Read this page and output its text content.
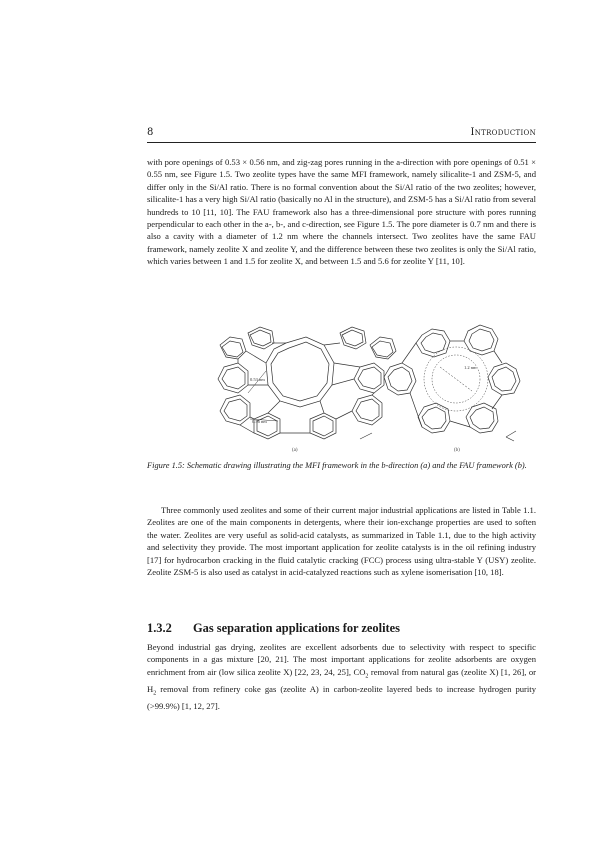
8	Introduction

with pore openings of 0.53 × 0.56 nm, and zig-zag pores running in the a-direction with pore openings of 0.51 × 0.55 nm, see Figure 1.5. Two zeolite types have the same MFI framework, namely silicalite-1 and ZSM-5, and differ only in the Si/Al ratio. There is no formal convention about the Si/Al ratio of the two zeolites; however, silicalite-1 has a very high Si/Al ratio (basically no Al in the structure), and ZSM-5 has a Si/Al ratio from several hundreds to 10 [11, 10]. The FAU framework also has a three-dimensional pore structure with pores running perpendicular to each other in the a-, b-, and c-direction, see Figure 1.5. The pore diameter is 0.7 nm and there is also a cavity with a diameter of 1.2 nm where the channels intersect. Two zeolites have the same FAU framework, namely zeolite X and zeolite Y, and the difference between these two zeolites is only the Si/Al ratio, which varies between 1 and 1.5 for zeolite X, and between 1.5 and 5.6 for zeolite Y [11, 10].

0.53 nm
0.56 nm
(a)
1.2 nm
(b)

Figure 1.5: Schematic drawing illustrating the MFI framework in the b-direction (a) and the FAU framework (b).

Three commonly used zeolites and some of their current major industrial applications are listed in Table 1.1. Zeolites are one of the main components in detergents, where their ion-exchange properties are used to soften the water. Zeolites are very useful as solid-acid catalysts, as summarized in Table 1.1, due to the high activity and selectivity they provide. The most important application for zeolite catalysts is in the oil refining industry [17] for hydrocarbon cracking in the fluid catalytic cracking (FCC) process using ultra-stable Y (USY) zeolite. Zeolite ZSM-5 is also used as catalyst in acid-catalyzed reactions such as xylene isomerisation [10, 18].

1.3.2 Gas separation applications for zeolites

Beyond industrial gas drying, zeolites are excellent adsorbents due to selectivity with respect to specific components in a gas mixture [20, 21]. The most important applications for zeolite adsorbents are oxygen enrichment from air (low silica zeolite X) [22, 23, 24, 25], $CO_2$ removal from natural gas (zeolite X) [1, 26], or $H_2$ removal from refinery coke gas (zeolite A) in carbon-zeolite layered beds to increase hydrogen purity (>99.9%) [1, 12, 27].
